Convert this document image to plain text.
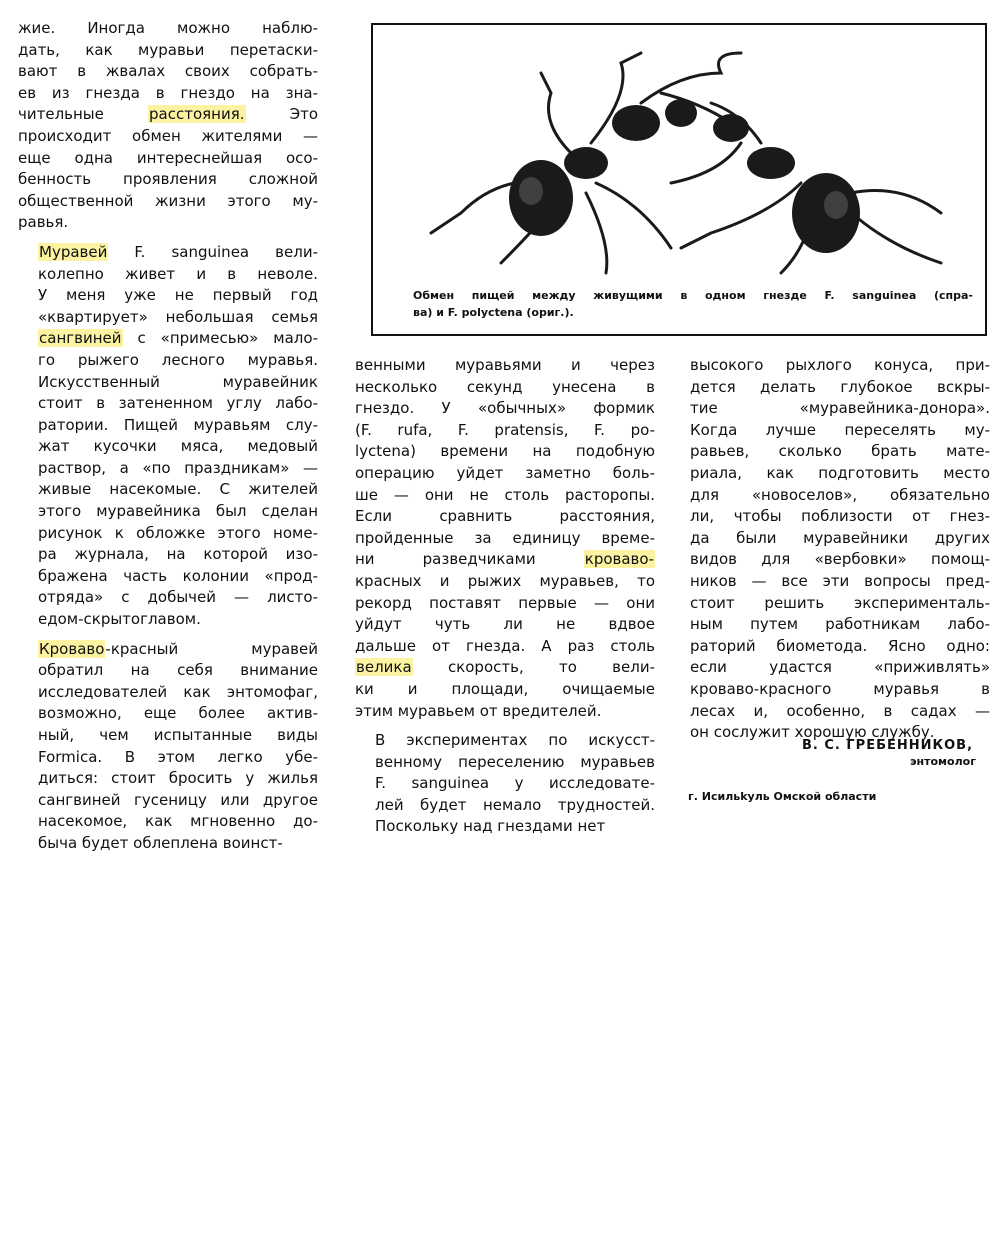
жие. Иногда можно наблю-
дать, как муравьи перетаски-
вают в жвалах своих собрать-
ев из гнезда в гнездо на зна-
чительные расстояния. Это
происходит обмен жителями —
еще одна интереснейшая осо-
бенность проявления сложной
общественной жизни этого му-
равья.

Муравей F. sanguinea вели-
колепно живет и в неволе.
У меня уже не первый год
«квартирует» небольшая семья
сангвиней с «примесью» мало-
го рыжего лесного муравья.
Искусственный муравейник
стоит в затененном углу лабо-
ратории. Пищей муравьям слу-
жат кусочки мяса, медовый
раствор, а «по праздникам» —
живые насекомые. С жителей
этого муравейника был сделан
рисунок к обложке этого номе-
ра журнала, на которой изо-
бражена часть колонии «прод-
отряда» с добычей — листо-
едом-скрытоглавом.

Кроваво-красный муравей
обратил на себя внимание
исследователей как энтомофаг,
возможно, еще более актив-
ный, чем испытанные виды
Formica. В этом легко убе-
диться: стоит бросить у жилья
сангвиней гусеницу или другое
насекомое, как мгновенно до-
быча будет облеплена воинст-

Обмен пищей между живущими в одном гнезде F. sanguinea (спра-
ва) и F. polyctena (ориг.).

венными муравьями и через
несколько секунд унесена в
гнездо. У «обычных» формик
(F. rufa, F. pratensis, F. po-
lyctena) времени на подобную
операцию уйдет заметно боль-
ше — они не столь расторопы.
Если сравнить расстояния,
пройденные за единицу време-
ни разведчиками кроваво-
красных и рыжих муравьев, то
рекорд поставят первые — они
уйдут чуть ли не вдвое
дальше от гнезда. А раз столь
велика скорость, то вели-
ки и площади, очищаемые
этим муравьем от вредителей.

В экспериментах по искусст-
венному переселению муравьев
F. sanguinea у исследовате-
лей будет немало трудностей.
Поскольку над гнездами нет

высокого рыхлого конуса, при-
дется делать глубокое вскры-
тие «муравейника-донора».
Когда лучше переселять му-
равьев, сколько брать мате-
риала, как подготовить место
для «новоселов», обязательно
ли, чтобы поблизости от гнез-
да были муравейники других
видов для «вербовки» помощ-
ников — все эти вопросы пред-
стоит решить эксперименталь-
ным путем работникам лабо-
раторий биометода. Ясно одно:
если удастся «приживлять»
кроваво-красного муравья в
лесах и, особенно, в садах —
он сослужит хорошую службу.

В. С. ГРЕБЕННИКОВ,
энтомолог
г. Исильkуль Омской области
